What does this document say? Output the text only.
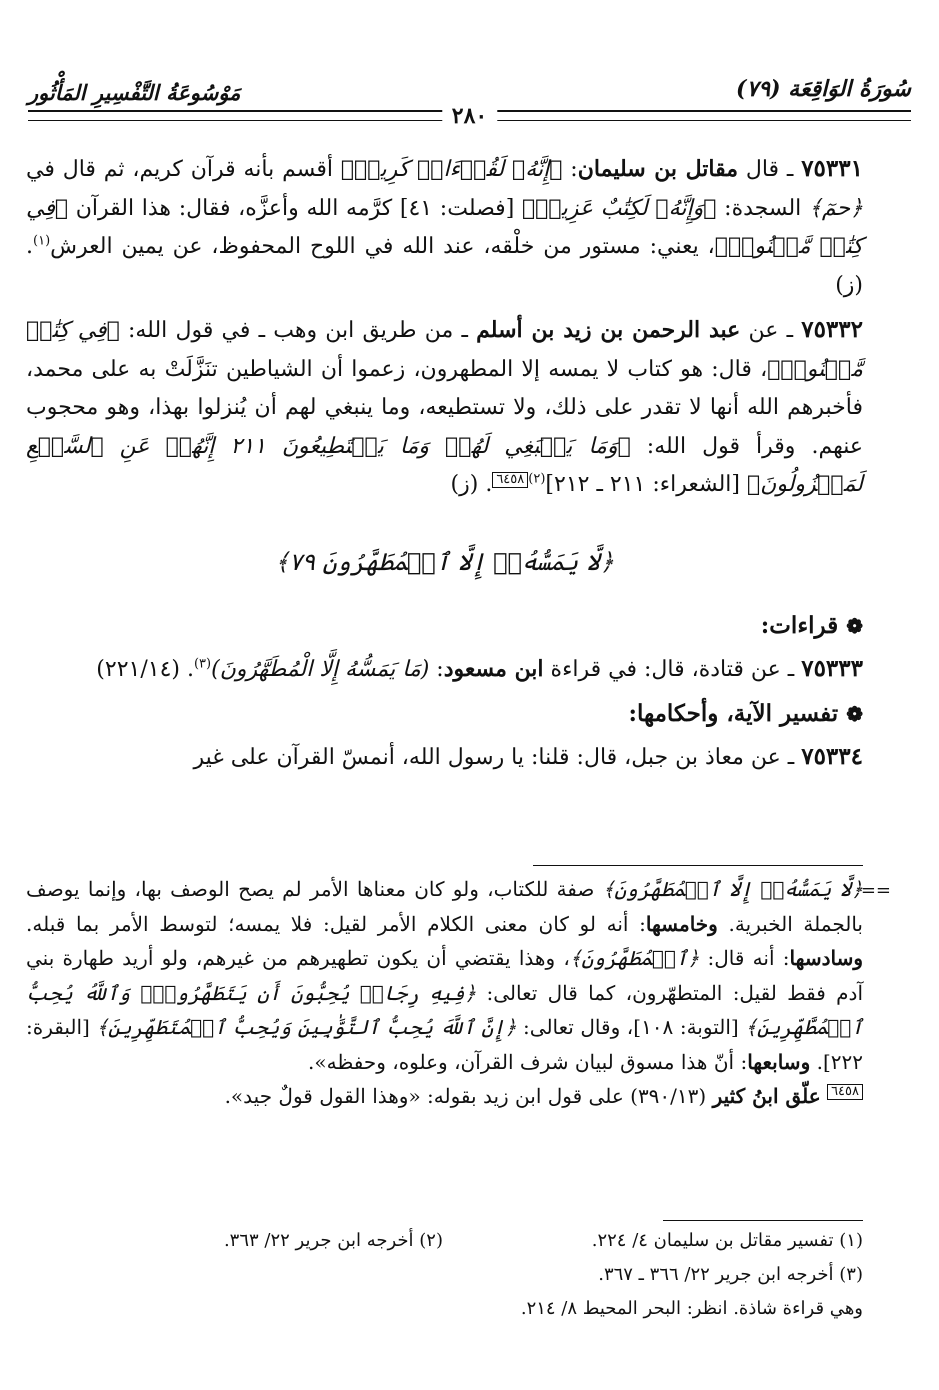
سُورَةُ الوَاقِعَة (٧٩)
مَوْسُوعَةُ التَّفْسِيرِ المَأْثُور
٢٨٠

٧٥٣٣١ ـ قال مقاتل بن سليمان: ﴿إِنَّهُۥ لَقُرۡءَانٞ كَرِيمٞ﴾ أقسم بأنه قرآن كريم، ثم قال في ﴿حمٓ﴾ السجدة: ﴿وَإِنَّهُۥ لَكِتَٰبٌ عَزِيزٞ﴾ [فصلت: ٤١] كرَّمه الله وأعزَّه، فقال: هذا القرآن ﴿فِي كِتَٰبٖ مَّكۡنُونٖ﴾، يعني: مستور من خلْقه، عند الله في اللوح المحفوظ، عن يمين العرش$^{(١)}$. (ز)

٧٥٣٣٢ ـ عن عبد الرحمن بن زيد بن أسلم ـ من طريق ابن وهب ـ في قول الله: ﴿فِي كِتَٰبٖ مَّكۡنُونٖ﴾، قال: هو كتاب لا يمسه إلا المطهرون، زعموا أن الشياطين تنَزَّلَتْ به على محمد، فأخبرهم الله أنها لا تقدر على ذلك، ولا تستطيعه، وما ينبغي لهم أن يُنزلوا بهذا، وهو محجوب عنهم. وقرأ قول الله: ﴿وَمَا يَنۢبَغِي لَهُمۡ وَمَا يَسۡتَطِيعُونَ ٢١١ إِنَّهُمۡ عَنِ ٱلسَّمۡعِ لَمَعۡزُولُونَ﴾ [الشعراء: ٢١١ ـ ٢١٢]$^{(٢)}$٦٤٥٨. (ز)

﴿لَّا يَمَسُّهُۥٓ إِلَّا ٱلۡمُطَهَّرُونَ ٧٩﴾
❁ قراءات:

٧٥٣٣٣ ـ عن قتادة، قال: في قراءة ابن مسعود: (مَا يَمَسُّهُ إِلَّا الْمُطَهَّرُونَ)$^{(٣)}$. (٢٢١/١٤)

❁ تفسير الآية، وأحكامها:

٧٥٣٣٤ ـ عن معاذ بن جبل، قال: قلنا: يا رسول الله، أنمسّ القرآن على غير

==

﴿لَّا يَمَسُّهُۥٓ إِلَّا ٱلۡمُطَهَّرُونَ﴾ صفة للكتاب، ولو كان معناها الأمر لم يصح الوصف بها، وإنما يوصف بالجملة الخبرية. وخامسها: أنه لو كان معنى الكلام الأمر لقيل: فلا يمسه؛ لتوسط الأمر بما قبله. وسادسها: أنه قال: ﴿ٱلۡمُطَهَّرُونَ﴾، وهذا يقتضي أن يكون تطهيرهم من غيرهم، ولو أريد طهارة بني آدم فقط لقيل: المتطهّرون، كما قال تعالى: ﴿فِيهِ رِجَالٞ يُحِبُّونَ أَن يَتَطَهَّرُواْۚ وَٱللَّهُ يُحِبُّ ٱلۡمُطَّهِّرِينَ﴾ [التوبة: ١٠٨]، وقال تعالى: ﴿إِنَّ ٱللَّهَ يُحِبُّ ٱلتَّوَّٰبِينَ وَيُحِبُّ ٱلۡمُتَطَهِّرِينَ﴾ [البقرة: ٢٢٢]. وسابعها: أنّ هذا مسوق لبيان شرف القرآن، وعلوه، وحفظه».

٦٤٥٨ علّق ابنُ كثير (٣٩٠/١٣) على قول ابن زيد بقوله: «وهذا القول قولٌ جيد».

(١) تفسير مقاتل بن سليمان ٤/ ٢٢٤.
(٢) أخرجه ابن جرير ٢٢/ ٣٦٣.
(٣) أخرجه ابن جرير ٢٢/ ٣٦٦ ـ ٣٦٧.
وهي قراءة شاذة. انظر: البحر المحيط ٨/ ٢١٤.
